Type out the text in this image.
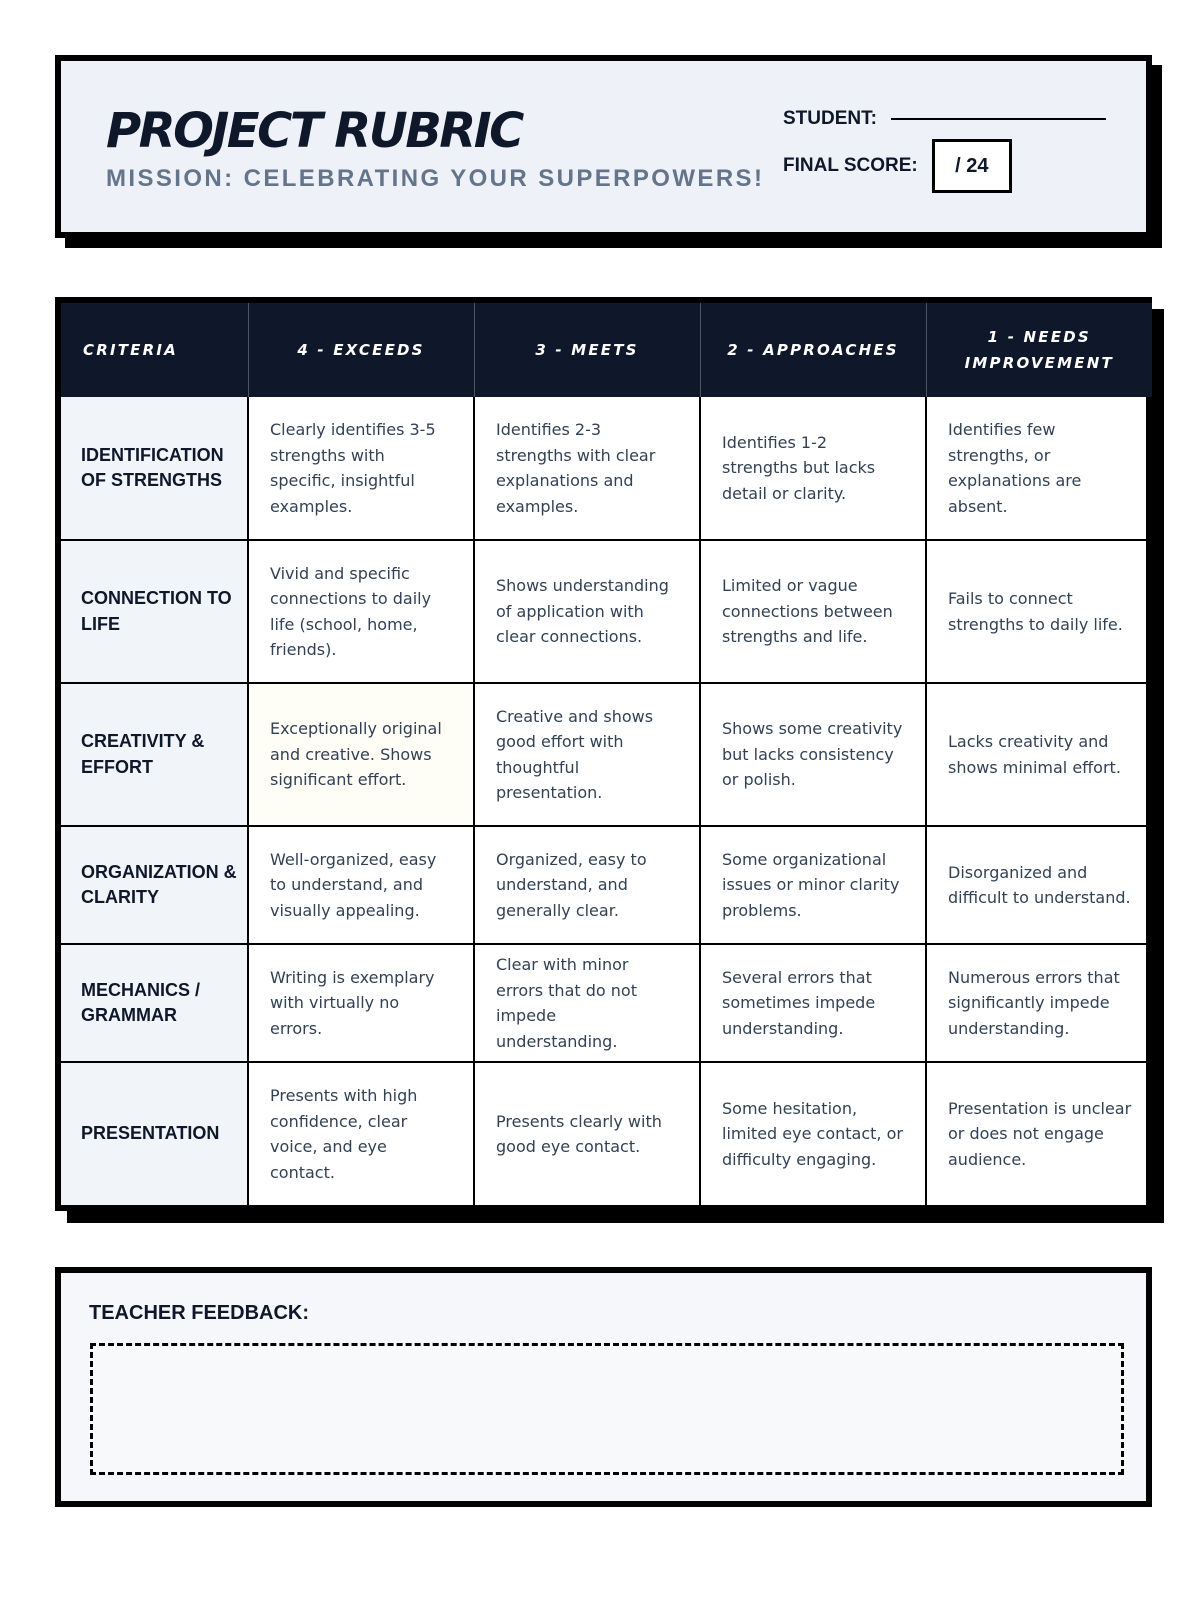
PROJECT RUBRIC
MISSION: CELEBRATING YOUR SUPERPOWERS!
STUDENT:
FINAL SCORE:	/ 24
CRITERIA	4 - EXCEEDS	3 - MEETS	2 - APPROACHES	1 - NEEDS IMPROVEMENT
IDENTIFICATION OF STRENGTHS	Clearly identifies 3-5 strengths with specific, insightful examples.	Identifies 2-3 strengths with clear explanations and examples.	Identifies 1-2 strengths but lacks detail or clarity.	Identifies few strengths, or explanations are absent.
CONNECTION TO LIFE	Vivid and specific connections to daily life (school, home, friends).	Shows understanding of application with clear connections.	Limited or vague connections between strengths and life.	Fails to connect strengths to daily life.
CREATIVITY & EFFORT	Exceptionally original and creative. Shows significant effort.	Creative and shows good effort with thoughtful presentation.	Shows some creativity but lacks consistency or polish.	Lacks creativity and shows minimal effort.
ORGANIZATION & CLARITY	Well-organized, easy to understand, and visually appealing.	Organized, easy to understand, and generally clear.	Some organizational issues or minor clarity problems.	Disorganized and difficult to understand.
MECHANICS / GRAMMAR	Writing is exemplary with virtually no errors.	Clear with minor errors that do not impede understanding.	Several errors that sometimes impede understanding.	Numerous errors that significantly impede understanding.
PRESENTATION	Presents with high confidence, clear voice, and eye contact.	Presents clearly with good eye contact.	Some hesitation, limited eye contact, or difficulty engaging.	Presentation is unclear or does not engage audience.
TEACHER FEEDBACK:
